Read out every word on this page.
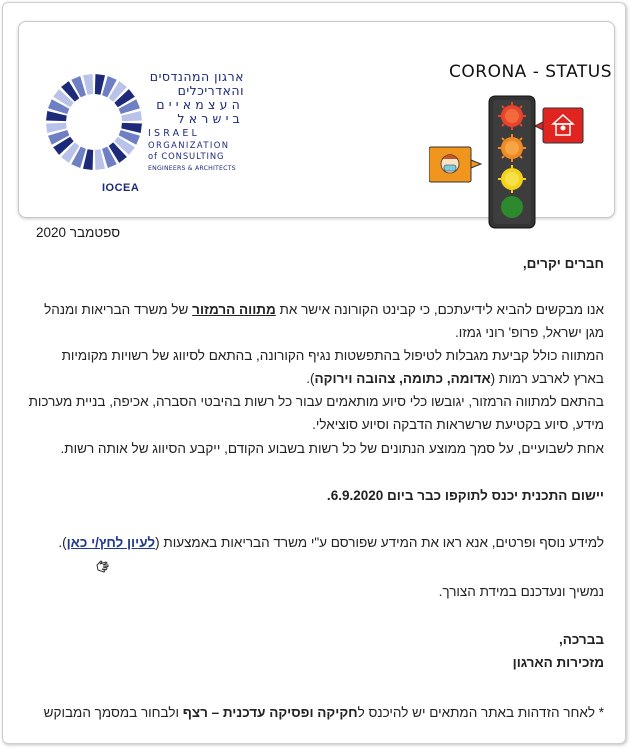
ארגון המהנדסים
והאדריכלים
העצמאיים
בישראל
ISRAEL
ORGANIZATION
of CONSULTING
ENGINEERS & ARCHITECTS
IOCEA
CORONA - STATUS
ספטמבר 2020
חברים יקרים,
אנו מבקשים להביא לידיעתכם, כי קבינט הקורונה אישר את מתווה הרמזור של משרד הבריאות ומנהל
מגן ישראל, פרופ' רוני גמזו.
המתווה כולל קביעת מגבלות לטיפול בהתפשטות נגיף הקורונה, בהתאם לסיווג של רשויות מקומיות
בארץ לארבע רמות (אדומה, כתומה, צהובה וירוקה).
בהתאם למתווה הרמזור, יגובשו כלי סיוע מותאמים עבור כל רשות בהיבטי הסברה, אכיפה, בניית מערכות
מידע, סיוע בקטיעת שרשראות הדבקה וסיוע סוציאלי.
אחת לשבועיים, על סמך ממוצע הנתונים של כל רשות בשבוע הקודם, ייקבע הסיווג של אותה רשות.
יישום התכנית יכנס לתוקפו כבר ביום 6.9.2020.
למידע נוסף ופרטים, אנא ראו את המידע שפורסם ע"י משרד הבריאות באמצעות (לעיון לחץ/י כאן).
נמשיך ונעדכנם במידת הצורך.
בברכה,
מזכירות הארגון
* לאחר הזדהות באתר המתאים יש להיכנס לחקיקה ופסיקה עדכנית – רצף ולבחור במסמך המבוקש
